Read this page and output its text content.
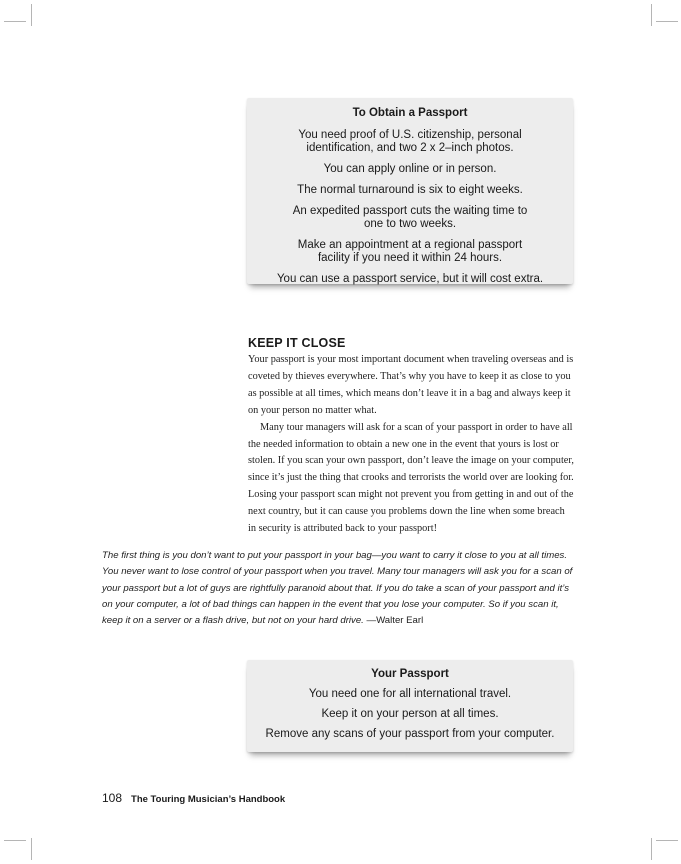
To Obtain a Passport

You need proof of U.S. citizenship, personal identification, and two 2 x 2–inch photos.

You can apply online or in person.

The normal turnaround is six to eight weeks.

An expedited passport cuts the waiting time to one to two weeks.

Make an appointment at a regional passport facility if you need it within 24 hours.

You can use a passport service, but it will cost extra.

KEEP IT CLOSE

Your passport is your most important document when traveling overseas and is coveted by thieves everywhere. That’s why you have to keep it as close to you as possible at all times, which means don’t leave it in a bag and always keep it on your person no matter what.

Many tour managers will ask for a scan of your passport in order to have all the needed information to obtain a new one in the event that yours is lost or stolen. If you scan your own passport, don’t leave the image on your computer, since it’s just the thing that crooks and terrorists the world over are looking for. Losing your passport scan might not prevent you from getting in and out of the next country, but it can cause you problems down the line when some breach in security is attributed back to your passport!

The first thing is you don’t want to put your passport in your bag—you want to carry it close to you at all times. You never want to lose control of your passport when you travel. Many tour managers will ask you for a scan of your passport but a lot of guys are rightfully paranoid about that. If you do take a scan of your passport and it’s on your computer, a lot of bad things can happen in the event that you lose your computer. So if you scan it, keep it on a server or a flash drive, but not on your hard drive. —Walter Earl
Your Passport

You need one for all international travel.

Keep it on your person at all times.

Remove any scans of your passport from your computer.

108 The Touring Musician’s Handbook
